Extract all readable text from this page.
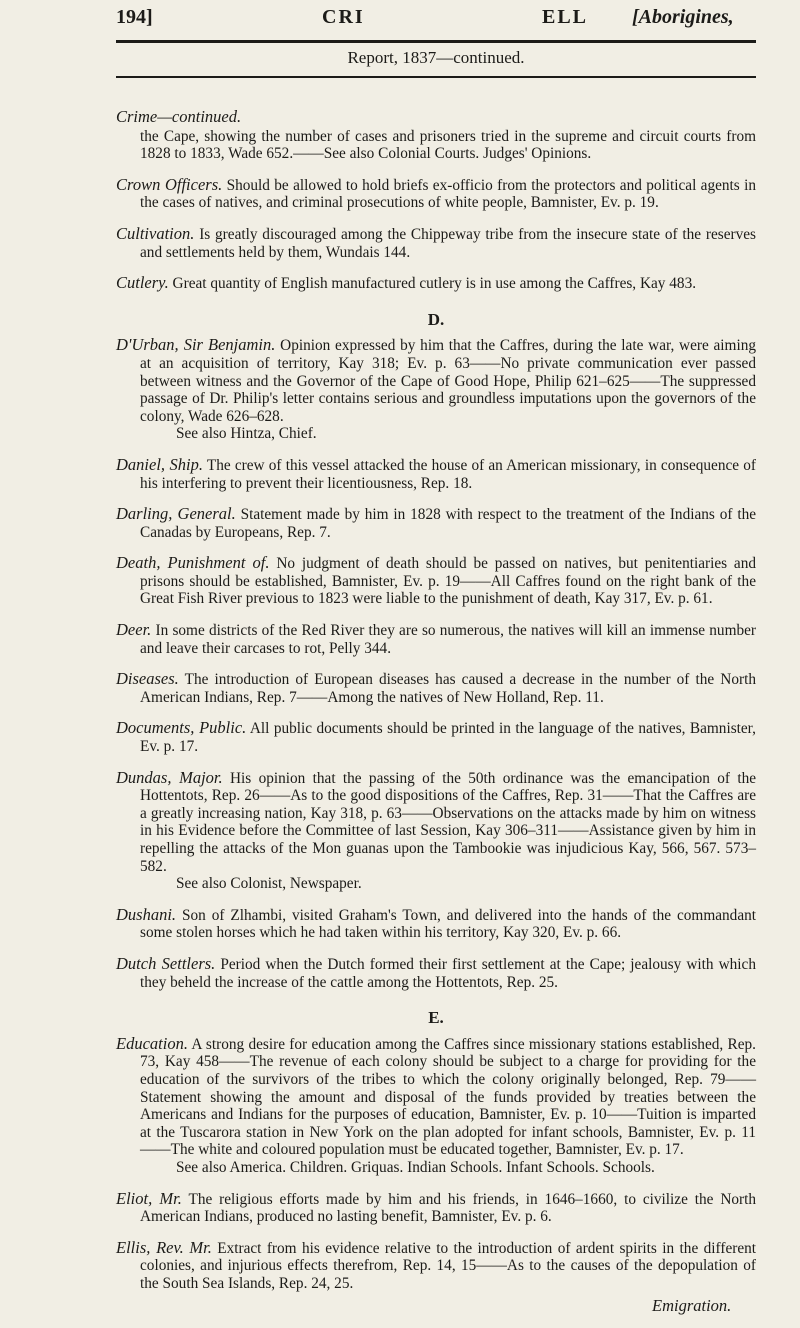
194]	CRI	ELL [Aborigines,
Report, 1837—continued.
Crime—continued.

the Cape, showing the number of cases and prisoners tried in the supreme and circuit courts from 1828 to 1833, Wade 652.——See also Colonial Courts. Judges' Opinions.

Crown Officers. Should be allowed to hold briefs ex-officio from the protectors and political agents in the cases of natives, and criminal prosecutions of white people, Bamnister, Ev. p. 19.

Cultivation. Is greatly discouraged among the Chippeway tribe from the insecure state of the reserves and settlements held by them, Wundais 144.

Cutlery. Great quantity of English manufactured cutlery is in use among the Caffres, Kay 483.

D.

D'Urban, Sir Benjamin. Opinion expressed by him that the Caffres, during the late war, were aiming at an acquisition of territory, Kay 318; Ev. p. 63——No private communication ever passed between witness and the Governor of the Cape of Good Hope, Philip 621–625——The suppressed passage of Dr. Philip's letter contains serious and groundless imputations upon the governors of the colony, Wade 626–628.
See also Hintza, Chief.

Daniel, Ship. The crew of this vessel attacked the house of an American missionary, in consequence of his interfering to prevent their licentiousness, Rep. 18.

Darling, General. Statement made by him in 1828 with respect to the treatment of the Indians of the Canadas by Europeans, Rep. 7.

Death, Punishment of. No judgment of death should be passed on natives, but penitentiaries and prisons should be established, Bamnister, Ev. p. 19——All Caffres found on the right bank of the Great Fish River previous to 1823 were liable to the punishment of death, Kay 317, Ev. p. 61.

Deer. In some districts of the Red River they are so numerous, the natives will kill an immense number and leave their carcases to rot, Pelly 344.

Diseases. The introduction of European diseases has caused a decrease in the number of the North American Indians, Rep. 7——Among the natives of New Holland, Rep. 11.

Documents, Public. All public documents should be printed in the language of the natives, Bamnister, Ev. p. 17.

Dundas, Major. His opinion that the passing of the 50th ordinance was the emancipation of the Hottentots, Rep. 26——As to the good dispositions of the Caffres, Rep. 31——That the Caffres are a greatly increasing nation, Kay 318, p. 63——Observations on the attacks made by him on witness in his Evidence before the Committee of last Session, Kay 306–311——Assistance given by him in repelling the attacks of the Mon guanas upon the Tambookie was injudicious Kay, 566, 567. 573–582.
See also Colonist, Newspaper.

Dushani. Son of Zlhambi, visited Graham's Town, and delivered into the hands of the commandant some stolen horses which he had taken within his territory, Kay 320, Ev. p. 66.

Dutch Settlers. Period when the Dutch formed their first settlement at the Cape; jealousy with which they beheld the increase of the cattle among the Hottentots, Rep. 25.

E.

Education. A strong desire for education among the Caffres since missionary stations established, Rep. 73, Kay 458——The revenue of each colony should be subject to a charge for providing for the education of the survivors of the tribes to which the colony originally belonged, Rep. 79——Statement showing the amount and disposal of the funds provided by treaties between the Americans and Indians for the purposes of education, Bamnister, Ev. p. 10——Tuition is imparted at the Tuscarora station in New York on the plan adopted for infant schools, Bamnister, Ev. p. 11——The white and coloured population must be educated together, Bamnister, Ev. p. 17.
See also America. Children. Griquas. Indian Schools. Infant Schools. Schools.

Eliot, Mr. The religious efforts made by him and his friends, in 1646–1660, to civilize the North American Indians, produced no lasting benefit, Bamnister, Ev. p. 6.

Ellis, Rev. Mr. Extract from his evidence relative to the introduction of ardent spirits in the different colonies, and injurious effects therefrom, Rep. 14, 15——As to the causes of the depopulation of the South Sea Islands, Rep. 24, 25.

Emigration.
